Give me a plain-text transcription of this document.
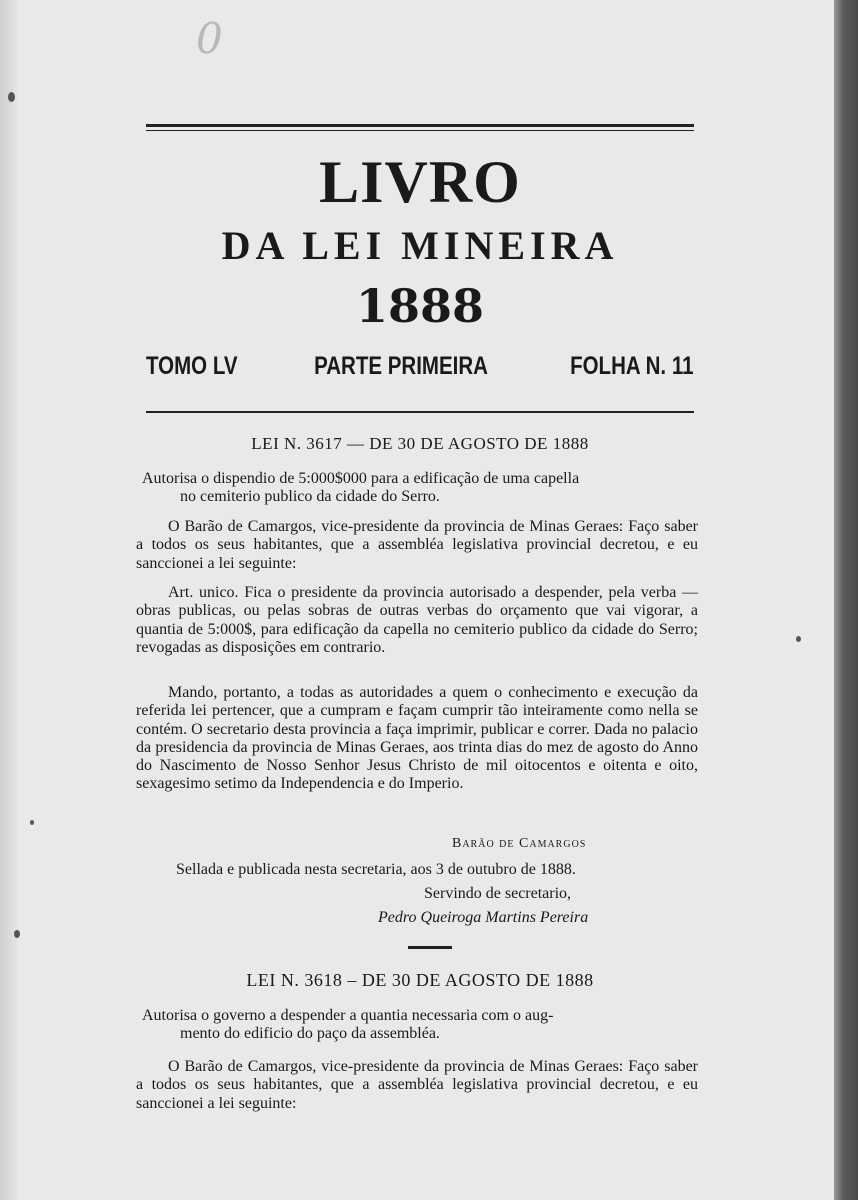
0
LIVRO
DA LEI MINEIRA
1888
TOMO LV	PARTE PRIMEIRA	FOLHA N. 11
LEI N. 3617 — DE 30 DE AGOSTO DE 1888
Autorisa o dispendio de 5:000$000 para a edificação de uma capella
no cemiterio publico da cidade do Serro.
O Barão de Camargos, vice-presidente da provincia de Minas Geraes: Faço saber a todos os seus habitantes, que a assembléa legislativa provincial decretou, e eu sanccionei a lei seguinte:
Art. unico. Fica o presidente da provincia autorisado a despender, pela verba — obras publicas, ou pelas sobras de outras verbas do orçamento que vai vigorar, a quantia de 5:000$, para edificação da capella no cemiterio publico da cidade do Serro; revogadas as disposições em contrario.
Mando, portanto, a todas as autoridades a quem o conhecimento e execução da referida lei pertencer, que a cumpram e façam cumprir tão inteiramente como nella se contém. O secretario desta provincia a faça imprimir, publicar e correr. Dada no palacio da presidencia da provincia de Minas Geraes, aos trinta dias do mez de agosto do Anno do Nascimento de Nosso Senhor Jesus Christo de mil oitocentos e oitenta e oito, sexagesimo setimo da Independencia e do Imperio.
Barão de Camargos
Sellada e publicada nesta secretaria, aos 3 de outubro de 1888.
Servindo de secretario,
Pedro Queiroga Martins Pereira
LEI N. 3618 – DE 30 DE AGOSTO DE 1888
Autorisa o governo a despender a quantia necessaria com o aug-
mento do edificio do paço da assembléa.
O Barão de Camargos, vice-presidente da provincia de Minas Geraes: Faço saber a todos os seus habitantes, que a assembléa legislativa provincial decretou, e eu sanccionei a lei seguinte:
